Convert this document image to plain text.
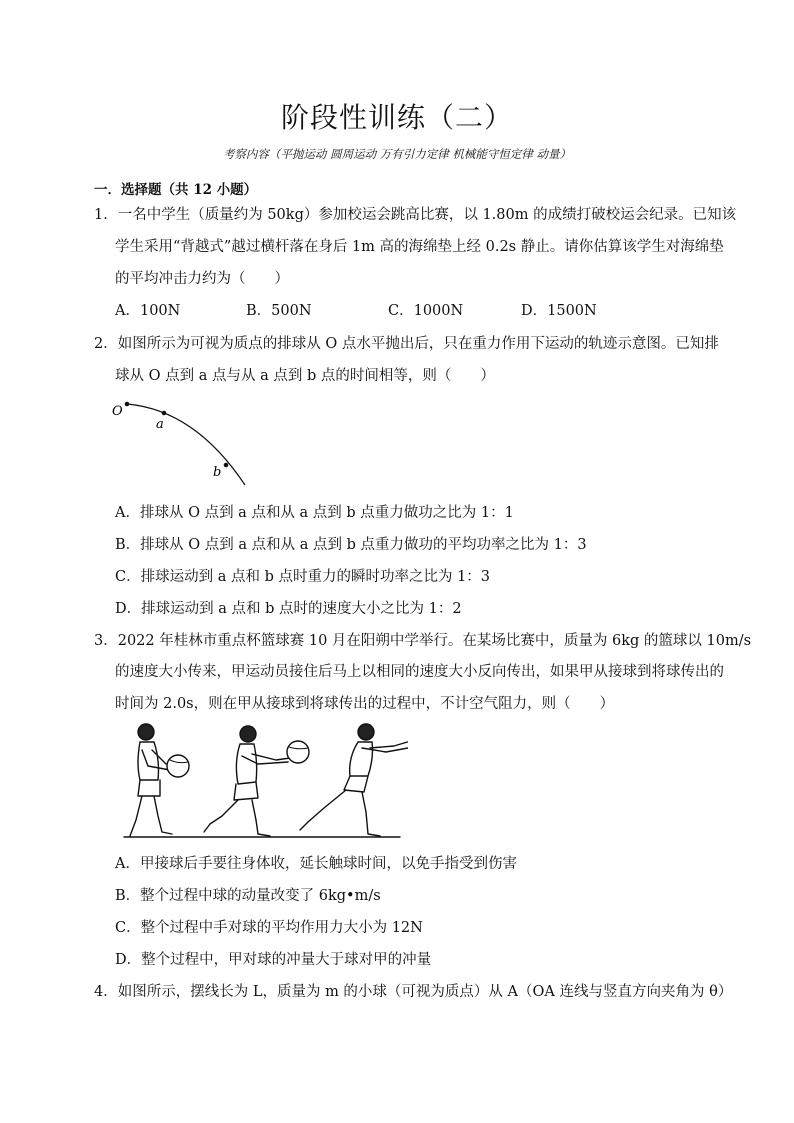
阶段性训练（二）
考察内容（平抛运动 圆周运动 万有引力定律 机械能守恒定律 动量）
一．选择题（共 12 小题）
1．一名中学生（质量约为 50kg）参加校运会跳高比赛，以 1.80m 的成绩打破校运会纪录。已知该
学生采用“背越式”越过横杆落在身后 1m 高的海绵垫上经 0.2s 静止。请你估算该学生对海绵垫
的平均冲击力约为（　　）
A．100N	B．500N	C．1000N	D．1500N
2．如图所示为可视为质点的排球从 O 点水平抛出后，只在重力作用下运动的轨迹示意图。已知排
球从 O 点到 a 点与从 a 点到 b 点的时间相等，则（　　）
O
a
b
A．排球从 O 点到 a 点和从 a 点到 b 点重力做功之比为 1：1
B．排球从 O 点到 a 点和从 a 点到 b 点重力做功的平均功率之比为 1：3
C．排球运动到 a 点和 b 点时重力的瞬时功率之比为 1：3
D．排球运动到 a 点和 b 点时的速度大小之比为 1：2
3．2022 年桂林市重点杯篮球赛 10 月在阳朔中学举行。在某场比赛中，质量为 6kg 的篮球以 10m/s
的速度大小传来，甲运动员接住后马上以相同的速度大小反向传出，如果甲从接球到将球传出的
时间为 2.0s，则在甲从接球到将球传出的过程中，不计空气阻力，则（　　）
A．甲接球后手要往身体收，延长触球时间，以免手指受到伤害
B．整个过程中球的动量改变了 6kg•m/s
C．整个过程中手对球的平均作用力大小为 12N
D．整个过程中，甲对球的冲量大于球对甲的冲量
4．如图所示，摆线长为 L，质量为 m 的小球（可视为质点）从 A（OA 连线与竖直方向夹角为 θ）
